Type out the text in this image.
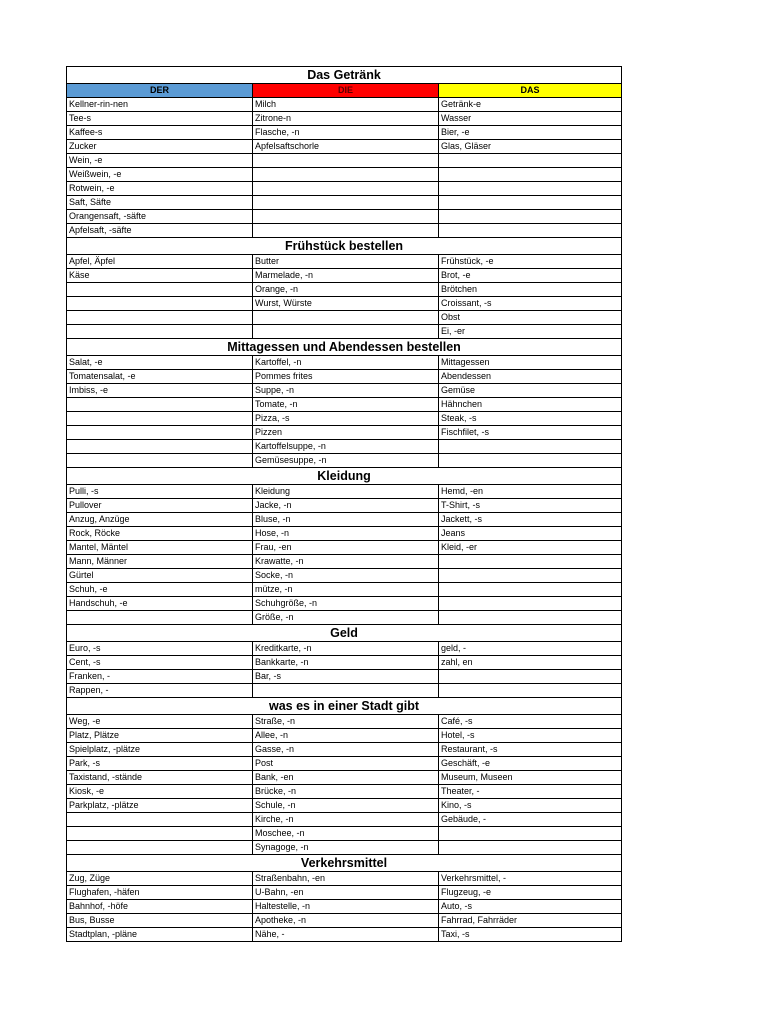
Das Getränk		
DER	DIE	DAS
Kellner-rin-nen	Milch	Getränk-e
Tee-s	Zitrone-n	Wasser
Kaffee-s	Flasche, -n	Bier, -e
Zucker	Apfelsaftschorle	Glas, Gläser
Wein, -e		
Weißwein, -e		
Rotwein, -e		
Saft, Säfte		
Orangensaft, -säfte		
Apfelsaft, -säfte		
Frühstück bestellen		
Apfel, Äpfel	Butter	Frühstück, -e
Käse	Marmelade, -n	Brot, -e
	Orange, -n	Brötchen
	Wurst, Würste	Croissant, -s
		Obst
		Ei, -er
Mittagessen und Abendessen bestellen		
Salat, -e	Kartoffel, -n	Mittagessen
Tomatensalat, -e	Pommes frites	Abendessen
Imbiss, -e	Suppe, -n	Gemüse
	Tomate, -n	Hähnchen
	Pizza, -s	Steak, -s
	Pizzen	Fischfilet, -s
	Kartoffelsuppe, -n	
	Gemüsesuppe, -n	
Kleidung		
Pulli, -s	Kleidung	Hemd, -en
Pullover	Jacke, -n	T-Shirt, -s
Anzug, Anzüge	Bluse, -n	Jackett, -s
Rock, Röcke	Hose, -n	Jeans
Mantel, Mäntel	Frau, -en	Kleid, -er
Mann, Männer	Krawatte, -n	
Gürtel	Socke, -n	
Schuh, -e	mütze, -n	
Handschuh, -e	Schuhgröße, -n	
	Größe, -n	
Geld		
Euro, -s	Kreditkarte, -n	geld, -
Cent, -s	Bankkarte, -n	zahl, en
Franken, -	Bar, -s	
Rappen, -		
was es in einer Stadt gibt		
Weg, -e	Straße, -n	Café, -s
Platz, Plätze	Allee, -n	Hotel, -s
Spielplatz, -plätze	Gasse, -n	Restaurant, -s
Park, -s	Post	Geschäft, -e
Taxistand, -stände	Bank, -en	Museum, Museen
Kiosk, -e	Brücke, -n	Theater, -
Parkplatz, -plätze	Schule, -n	Kino, -s
	Kirche, -n	Gebäude, -
	Moschee, -n	
	Synagoge, -n	
Verkehrsmittel		
Zug, Züge	Straßenbahn, -en	Verkehrsmittel, -
Flughafen, -häfen	U-Bahn, -en	Flugzeug, -e
Bahnhof, -höfe	Haltestelle, -n	Auto, -s
Bus, Busse	Apotheke, -n	Fahrrad, Fahrräder
Stadtplan, -pläne	Nähe, -	Taxi, -s
